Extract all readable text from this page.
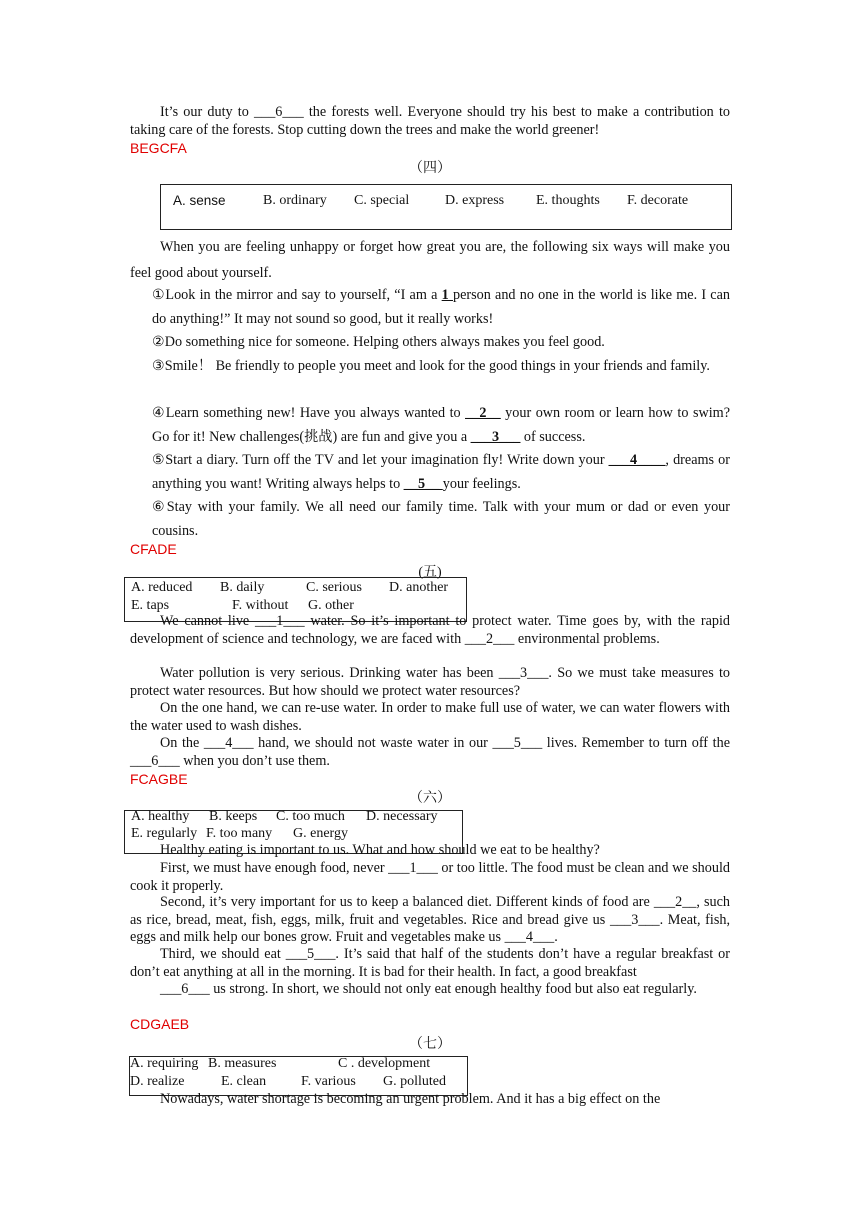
It’s our duty to ___6___ the forests well. Everyone should try his best to make a contribution to taking care of the forests. Stop cutting down the trees and make the world greener!
BEGCFA
（四）
A. sense	B. ordinary C. special	D. express E. thoughts F. decorate
When you are feeling unhappy or forget how great you are, the following six ways will make you feel good about yourself.
①Look in the mirror and say to yourself, “I am a 1 person and no one in the world is like me. I can do anything!” It may not sound so good, but it really works!
②Do something nice for someone. Helping others always makes you feel good.
③Smile！ Be friendly to people you meet and look for the good things in your friends and family.
④Learn something new! Have you always wanted to __2__ your own room or learn how to swim? Go for it! New challenges(挑战) are fun and give you a ___3___ of success.
⑤Start a diary. Turn off the TV and let your imagination fly! Write down your ___4____, dreams or anything you want! Writing always helps to __5__ your feelings.
⑥Stay with your family. We all need our family time. Talk with your mum or dad or even your cousins.
CFADE
(五)
A. reduced B. daily	C. serious D. another
E. taps	F. without G. other
We cannot live ___1___ water. So it’s important to protect water. Time goes by, with the rapid development of science and technology, we are faced with ___2___ environmental problems.
Water pollution is very serious. Drinking water has been ___3___. So we must take measures to protect water resources. But how should we protect water resources?
On the one hand, we can re-use water. In order to make full use of water, we can water flowers with the water used to wash dishes.
On the ___4___ hand, we should not waste water in our ___5___ lives. Remember to turn off the ___6___ when you don’t use them.
FCAGBE
（六）
A. healthy B. keeps C. too much D. necessary
E. regularly F. too many G. energy
Healthy eating is important to us. What and how should we eat to be healthy?
First, we must have enough food, never ___1___ or too little. The food must be clean and we should cook it properly.
Second, it’s very important for us to keep a balanced diet. Different kinds of food are ___2__, such as rice, bread, meat, fish, eggs, milk, fruit and vegetables. Rice and bread give us ___3___. Meat, fish, eggs and milk help our bones grow. Fruit and vegetables make us ___4___.
Third, we should eat ___5___. It’s said that half of the students don’t have a regular breakfast or don’t eat anything at all in the morning. It is bad for their health. In fact, a good breakfast
___6___ us strong. In short, we should not only eat enough healthy food but also eat regularly.
CDGAEB
（七）
A. requiring B. measures	C . development
D. realize	E. clean F. various G. polluted
Nowadays, water shortage is becoming an urgent problem. And it has a big effect on the
